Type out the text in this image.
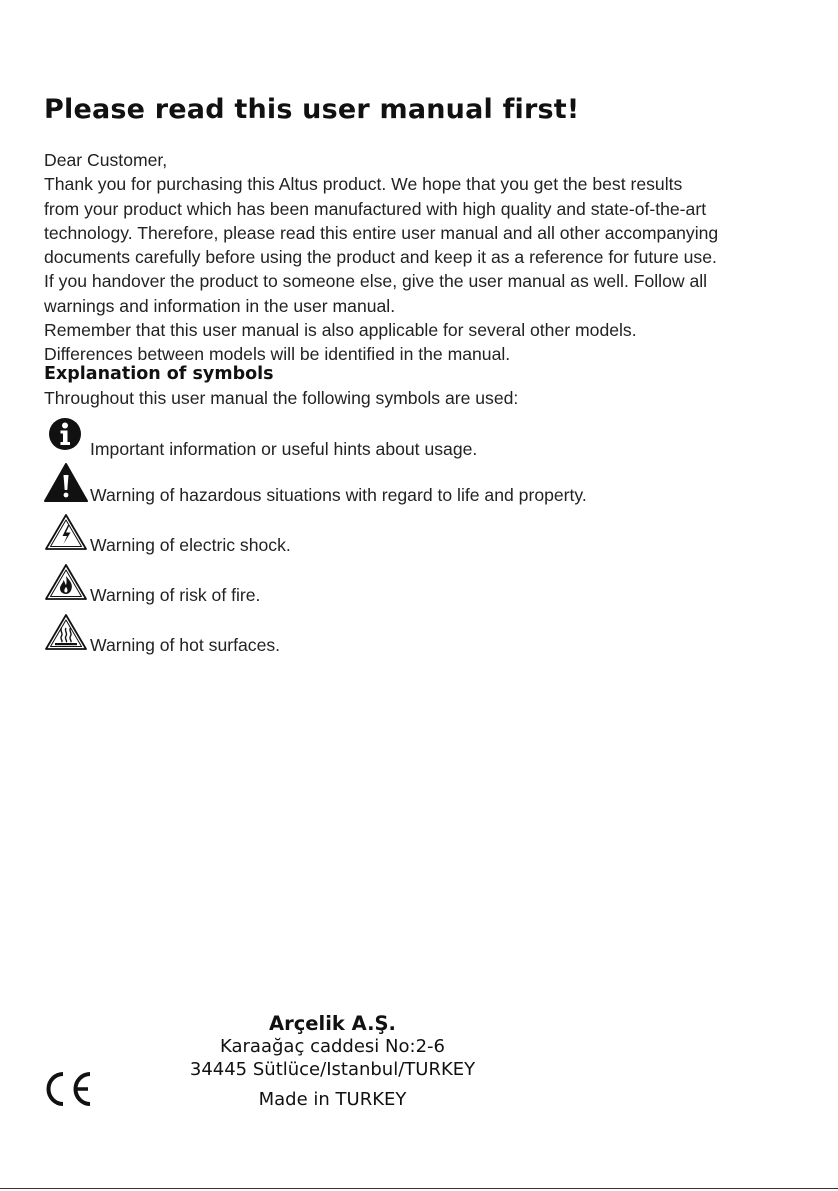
Please read this user manual first!

Dear Customer,

Thank you for purchasing this Altus product. We hope that you get the best results

from your product which has been manufactured with high quality and state-of-the-art

technology. Therefore, please read this entire user manual and all other accompanying

documents carefully before using the product and keep it as a reference for future use.

If you handover the product to someone else, give the user manual as well. Follow all

warnings and information in the user manual.

Remember that this user manual is also applicable for several other models.

Differences between models will be identified in the manual.

Explanation of symbols
Throughout this user manual the following symbols are used:
Important information or useful hints about usage.
Warning of hazardous situations with regard to life and property.
Warning of electric shock.
Warning of risk of fire.
Warning of hot surfaces.
Arçelik A.Ş.
Karaağaç caddesi No:2-6
34445 Sütlüce/Istanbul/TURKEY
Made in TURKEY
